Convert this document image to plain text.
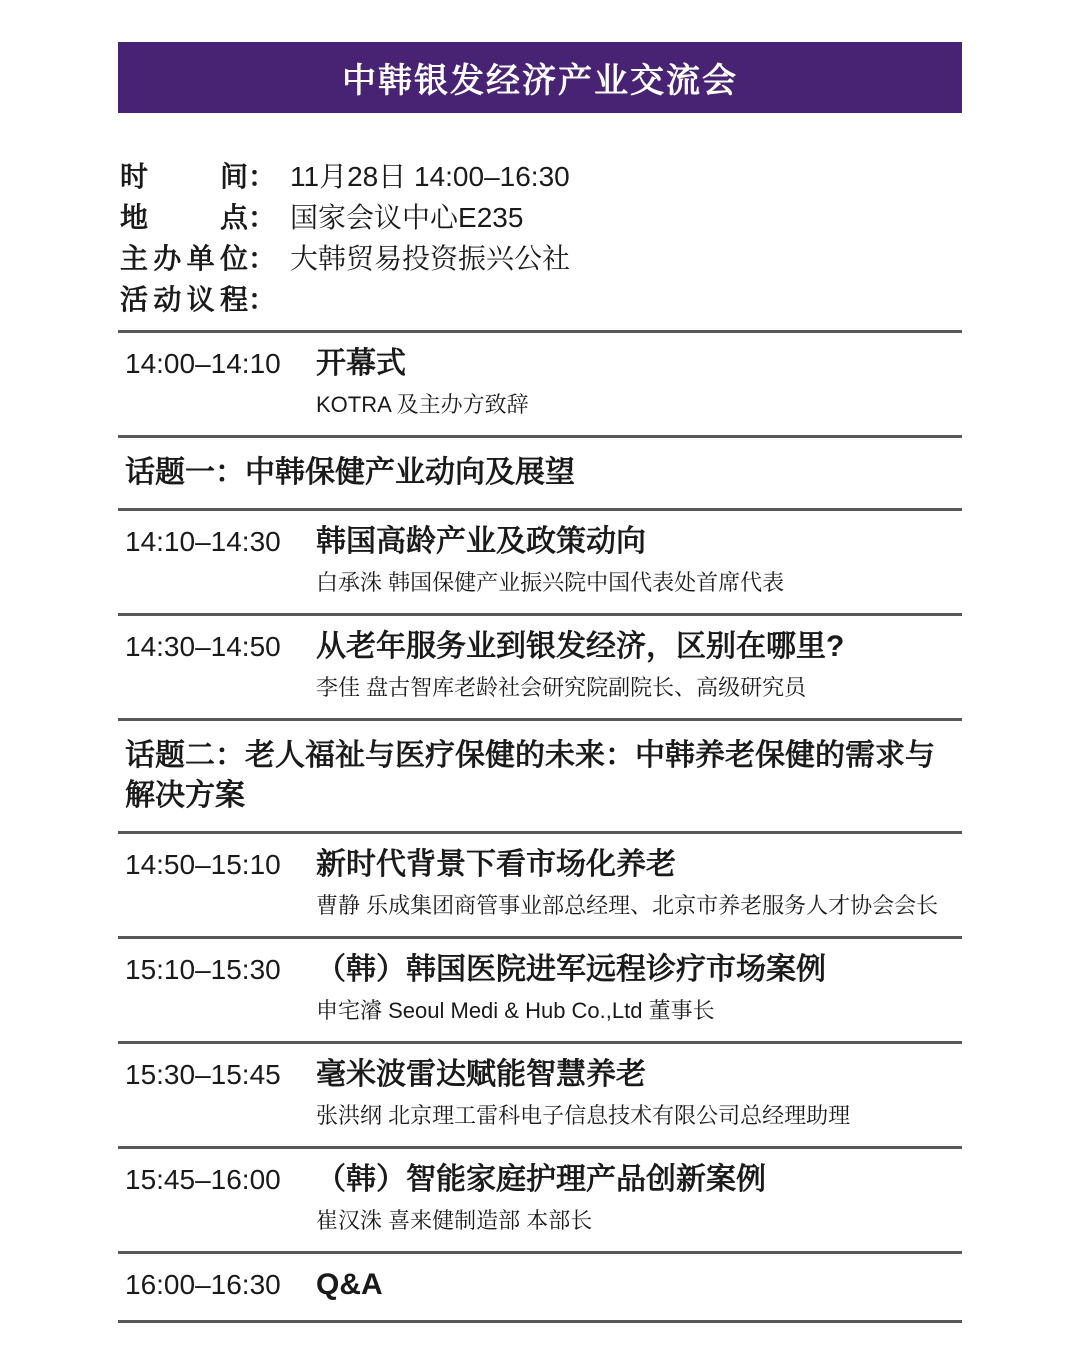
中韩银发经济产业交流会
时间 ： 11月28日 14:00–16:30
地点 ： 国家会议中心E235
主办单位 ： 大韩贸易投资振兴公社
活动议程 ：
14:00–14:10	开幕式
KOTRA 及主办方致辞
话题一：中韩保健产业动向及展望
14:10–14:30	韩国高龄产业及政策动向
白承洙 韩国保健产业振兴院中国代表处首席代表
14:30–14:50	从老年服务业到银发经济，区别在哪里?
李佳 盘古智库老龄社会研究院副院长、高级研究员
话题二：老人福祉与医疗保健的未来：中韩养老保健的需求与解决方案
14:50–15:10	新时代背景下看市场化养老
曹静 乐成集团商管事业部总经理、北京市养老服务人才协会会长
15:10–15:30	（韩）韩国医院进军远程诊疗市场案例
申宅濬 Seoul Medi & Hub Co.,Ltd 董事长
15:30–15:45	毫米波雷达赋能智慧养老
张洪纲 北京理工雷科电子信息技术有限公司总经理助理
15:45–16:00	（韩）智能家庭护理产品创新案例
崔汉洙 喜来健制造部 本部长
16:00–16:30	Q&A
